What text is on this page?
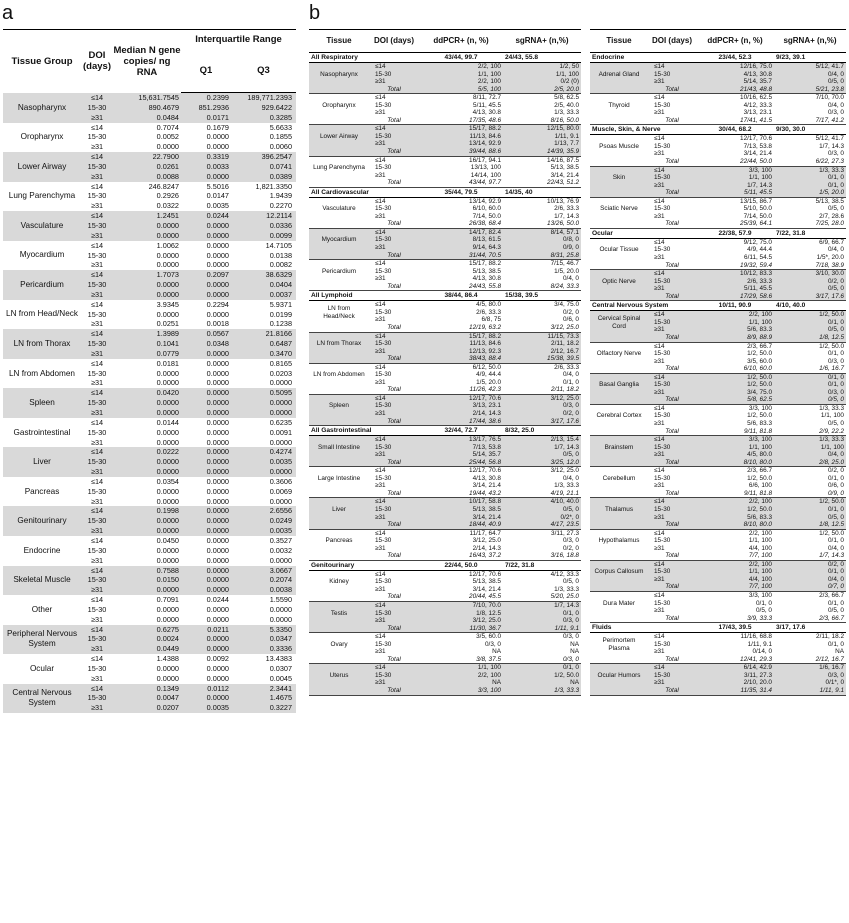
a	b
Tissue Group	DOI (days)	Median N gene copies/ ng RNA	Interquartile Range	
			Q1	Q3
Nasopharynx	≤14	15,631.7545	0.2399	189,771.2393
	15-30	890.4679	851.2936	929.6422
	≥31	0.0484	0.0171	0.3285
Oropharynx	≤14	0.7074	0.1679	5.6633
	15-30	0.0052	0.0000	0.1855
	≥31	0.0000	0.0000	0.0060
Lower Airway	≤14	22.7900	0.3319	396.2547
	15-30	0.0261	0.0033	0.0741
	≥31	0.0088	0.0000	0.0389
Lung Parenchyma	≤14	246.8247	5.5016	1,821.3350
	15-30	0.2926	0.0147	1.9439
	≥31	0.0322	0.0035	0.2270
Vasculature	≤14	1.2451	0.0244	12.2114
	15-30	0.0000	0.0000	0.0336
	≥31	0.0000	0.0000	0.0099
Myocardium	≤14	1.0062	0.0000	14.7105
	15-30	0.0000	0.0000	0.0138
	≥31	0.0000	0.0000	0.0082
Pericardium	≤14	1.7073	0.2097	38.6329
	15-30	0.0000	0.0000	0.0404
	≥31	0.0000	0.0000	0.0037
LN from Head/Neck	≤14	3.9345	0.2294	5.9371
	15-30	0.0000	0.0000	0.0199
	≥31	0.0251	0.0018	0.1238
LN from Thorax	≤14	1.3989	0.0567	21.8166
	15-30	0.1041	0.0348	0.6487
	≥31	0.0779	0.0000	0.3470
LN from Abdomen	≤14	0.0181	0.0000	0.8165
	15-30	0.0000	0.0000	0.0203
	≥31	0.0000	0.0000	0.0000
Spleen	≤14	0.0420	0.0000	0.5095
	15-30	0.0000	0.0000	0.0000
	≥31	0.0000	0.0000	0.0000
Gastrointestinal	≤14	0.0144	0.0000	0.6235
	15-30	0.0000	0.0000	0.0091
	≥31	0.0000	0.0000	0.0000
Liver	≤14	0.0222	0.0000	0.4274
	15-30	0.0000	0.0000	0.0035
	≥31	0.0000	0.0000	0.0000
Pancreas	≤14	0.0354	0.0000	0.3606
	15-30	0.0000	0.0000	0.0069
	≥31	0.0000	0.0000	0.0000
Genitourinary	≤14	0.1998	0.0000	2.6556
	15-30	0.0000	0.0000	0.0249
	≥31	0.0000	0.0000	0.0035
Endocrine	≤14	0.0450	0.0000	0.3527
	15-30	0.0000	0.0000	0.0032
	≥31	0.0000	0.0000	0.0000
Skeletal Muscle	≤14	0.7588	0.0000	3.0667
	15-30	0.0150	0.0000	0.2074
	≥31	0.0000	0.0000	0.0038
Other	≤14	0.7091	0.0244	1.5590
	15-30	0.0000	0.0000	0.0000
	≥31	0.0000	0.0000	0.0000
Peripheral Nervous System	≤14	0.6275	0.0211	5.3350
	15-30	0.0024	0.0000	0.0347
	≥31	0.0449	0.0000	0.3336
Ocular	≤14	1.4388	0.0092	13.4383
	15-30	0.0000	0.0000	0.0307
	≥31	0.0000	0.0000	0.0045
Central Nervous System	≤14	0.1349	0.0112	2.3441
	15-30	0.0047	0.0000	1.4675
	≥31	0.0207	0.0035	0.3227
Tissue	DOI (days)	ddPCR+ (n, %)	sgRNA+ (n,%)
All Respiratory		43/44, 99.7	24/43, 55.8
Nasopharynx	≤14	2/2, 100	1/2, 50
	15-30	1/1, 100	1/1, 100
	≥31	2/2, 100	0/2 (0)
	Total	5/5, 100	2/5, 20.0
Oropharynx	≤14	8/11, 72.7	5/8, 62.5
	15-30	5/11, 45.5	2/5, 40.0
	≥31	4/13, 30.8	1/3, 33.3
	Total	17/35, 48.6	8/16, 50.0
Lower Airway	≤14	15/17, 88.2	12/15, 80.0
	15-30	11/13, 84.6	1/11, 9.1
	≥31	13/14, 92.9	1/13, 7.7
	Total	39/44, 88.6	14/39, 35.9
Lung Parenchyma	≤14	16/17, 94.1	14/16, 87.5
	15-30	13/13, 100	5/13, 38.5
	≥31	14/14, 100	3/14, 21.4
	Total	43/44, 97.7	22/43, 51.2
All Cardiovascular		35/44, 79.5	14/35, 40
Vasculature	≤14	13/14, 92.9	10/13, 76.9
	15-30	6/10, 60.0	2/6, 33.3
	≥31	7/14, 50.0	1/7, 14.3
	Total	26/38, 68.4	13/26, 50.0
Myocardium	≤14	14/17, 82.4	8/14, 57.1
	15-30	8/13, 61.5	0/8, 0
	≥31	9/14, 64.3	0/9, 0
	Total	31/44, 70.5	8/31, 25.8
Pericardium	≤14	15/17, 88.2	7/15, 46.7
	15-30	5/13, 38.5	1/5, 20.0
	≥31	4/13, 30.8	0/4, 0
	Total	24/43, 55.8	8/24, 33.3
All Lymphoid		38/44, 86.4	15/38, 39.5
LN from Head/Neck	≤14	4/5, 80.0	3/4, 75.0
	15-30	2/6, 33.3	0/2, 0
	≥31	6/8, 75	0/6, 0
	Total	12/19, 63.2	3/12, 25.0
LN from Thorax	≤14	15/17, 88.2	11/15, 73.3
	15-30	11/13, 84.6	2/11, 18.2
	≥31	12/13, 92.3	2/12, 16.7
	Total	38/43, 88.4	15/38, 39.5
LN from Abdomen	≤14	6/12, 50.0	2/6, 33.3
	15-30	4/9, 44.4	0/4, 0
	≥31	1/5, 20.0	0/1, 0
	Total	11/26, 42.3	2/11, 18.2
Spleen	≤14	12/17, 70.6	3/12, 25.0
	15-30	3/13, 23.1	0/3, 0
	≥31	2/14, 14.3	0/2, 0
	Total	17/44, 38.6	3/17, 17.6
All Gastrointestinal		32/44, 72.7	8/32, 25.0
Small Intestine	≤14	13/17, 76.5	2/13, 15.4
	15-30	7/13, 53.8	1/7, 14.3
	≥31	5/14, 35.7	0/5, 0
	Total	25/44, 56.8	3/25, 12.0
Large Intestine	≤14	12/17, 70.6	3/12, 25.0
	15-30	4/13, 30.8	0/4, 0
	≥31	3/14, 21.4	1/3, 33.3
	Total	19/44, 43.2	4/19, 21.1
Liver	≤14	10/17, 58.8	4/10, 40.0
	15-30	5/13, 38.5	0/5, 0
	≥31	3/14, 21.4	0/2*, 0
	Total	18/44, 40.9	4/17, 23.5
Pancreas	≤14	11/17, 64.7	3/11, 27.3
	15-30	3/12, 25.0	0/3, 0
	≥31	2/14, 14.3	0/2, 0
	Total	16/43, 37.2	3/16, 18.8
Genitourinary		22/44, 50.0	7/22, 31.8
Kidney	≤14	12/17, 70.6	4/12, 33.3
	15-30	5/13, 38.5	0/5, 0
	≥31	3/14, 21.4	1/3, 33.3
	Total	20/44, 45.5	5/20, 25.0
Testis	≤14	7/10, 70.0	1/7, 14.3
	15-30	1/8, 12.5	0/1, 0
	≥31	3/12, 25.0	0/3, 0
	Total	11/30, 36.7	1/11, 9.1
Ovary	≤14	3/5, 60.0	0/3, 0
	15-30	0/3, 0	NA
	≥31	NA	NA
	Total	3/8, 37.5	0/3, 0
Uterus	≤14	1/1, 100	0/1, 0
	15-30	2/2, 100	1/2, 50.0
	≥31	NA	NA
	Total	3/3, 100	1/3, 33.3
Tissue	DOI (days)	ddPCR+ (n, %)	sgRNA+ (n,%)
Endocrine		23/44, 52.3	9/23, 39.1
Adrenal Gland	≤14	12/16, 75.0	5/12, 41.7
	15-30	4/13, 30.8	0/4, 0
	≥31	5/14, 35.7	0/5, 0
	Total	21/43, 48.8	5/21, 23.8
Thyroid	≤14	10/16, 62.5	7/10, 70.0
	15-30	4/12, 33.3	0/4, 0
	≥31	3/13, 23.1	0/3, 0
	Total	17/41, 41.5	7/17, 41.2
Muscle, Skin, & Nerve		30/44, 68.2	9/30, 30.0
Psoas Muscle	≤14	12/17, 70.6	5/12, 41.7
	15-30	7/13, 53.8	1/7, 14.3
	≥31	3/14, 21.4	0/3, 0
	Total	22/44, 50.0	6/22, 27.3
Skin	≤14	3/3, 100	1/3, 33.3
	15-30	1/1, 100	0/1, 0
	≥31	1/7, 14.3	0/1, 0
	Total	5/11, 45.5	1/5, 20.0
Sciatic Nerve	≤14	13/15, 86.7	5/13, 38.5
	15-30	5/10, 50.0	0/5, 0
	≥31	7/14, 50.0	2/7, 28.6
	Total	25/39, 64.1	7/25, 28.0
Ocular		22/38, 57.9	7/22, 31.8
Ocular Tissue	≤14	9/12, 75.0	6/9, 66.7
	15-30	4/9, 44.4	0/4, 0
	≥31	6/11, 54.5	1/5*, 20.0
	Total	19/32, 59.4	7/18, 38.9
Optic Nerve	≤14	10/12, 83.3	3/10, 30.0
	15-30	2/6, 33.3	0/2, 0
	≥31	5/11, 45.5	0/5, 0
	Total	17/29, 58.6	3/17, 17.6
Central Nervous System		10/11, 90.9	4/10, 40.0
Cervical Spinal Cord	≤14	2/2, 100	1/2, 50.0
	15-30	1/1, 100	0/1, 0
	≥31	5/6, 83.3	0/5, 0
	Total	8/9, 88.9	1/8, 12.5
Olfactory Nerve	≤14	2/3, 66.7	1/2, 50.0
	15-30	1/2, 50.0	0/1, 0
	≥31	3/5, 60.0	0/3, 0
	Total	6/10, 60.0	1/6, 16.7
Basal Ganglia	≤14	1/2, 50.0	0/1, 0
	15-30	1/2, 50.0	0/1, 0
	≥31	3/4, 75.0	0/3, 0
	Total	5/8, 62.5	0/5, 0
Cerebral Cortex	≤14	3/3, 100	1/3, 33.3
	15-30	1/2, 50.0	1/1, 100
	≥31	5/6, 83.3	0/5, 0
	Total	9/11, 81.8	2/9, 22.2
Brainstem	≤14	3/3, 100	1/3, 33.3
	15-30	1/1, 100	1/1, 100
	≥31	4/5, 80.0	0/4, 0
	Total	8/10, 80.0	2/8, 25.0
Cerebellum	≤14	2/3, 66.7	0/2, 0
	15-30	1/2, 50.0	0/1, 0
	≥31	6/6, 100	0/6, 0
	Total	9/11, 81.8	0/9, 0
Thalamus	≤14	2/2, 100	1/2, 50.0
	15-30	1/2, 50.0	0/1, 0
	≥31	5/6, 83.3	0/5, 0
	Total	8/10, 80.0	1/8, 12.5
Hypothalamus	≤14	2/2, 100	1/2, 50.0
	15-30	1/1, 100	0/1, 0
	≥31	4/4, 100	0/4, 0
	Total	7/7, 100	1/7, 14.3
Corpus Callosum	≤14	2/2, 100	0/2, 0
	15-30	1/1, 100	0/1, 0
	≥31	4/4, 100	0/4, 0
	Total	7/7, 100	0/7, 0
Dura Mater	≤14	3/3, 100	2/3, 66.7
	15-30	0/1, 0	0/1, 0
	≥31	0/5, 0	0/5, 0
	Total	3/9, 33.3	2/3, 66.7
Fluids		17/43, 39.5	3/17, 17.6
Perimortem Plasma	≤14	11/16, 68.8	2/11, 18.2
	15-30	1/11, 9.1	0/1, 0
	≥31	0/14, 0	NA
	Total	12/41, 29.3	2/12, 16.7
Ocular Humors	≤14	6/14, 42.9	1/6, 16.7
	15-30	3/11, 27.3	0/3, 0
	≥31	2/10, 20.0	0/1*, 0
	Total	11/35, 31.4	1/11, 9.1
